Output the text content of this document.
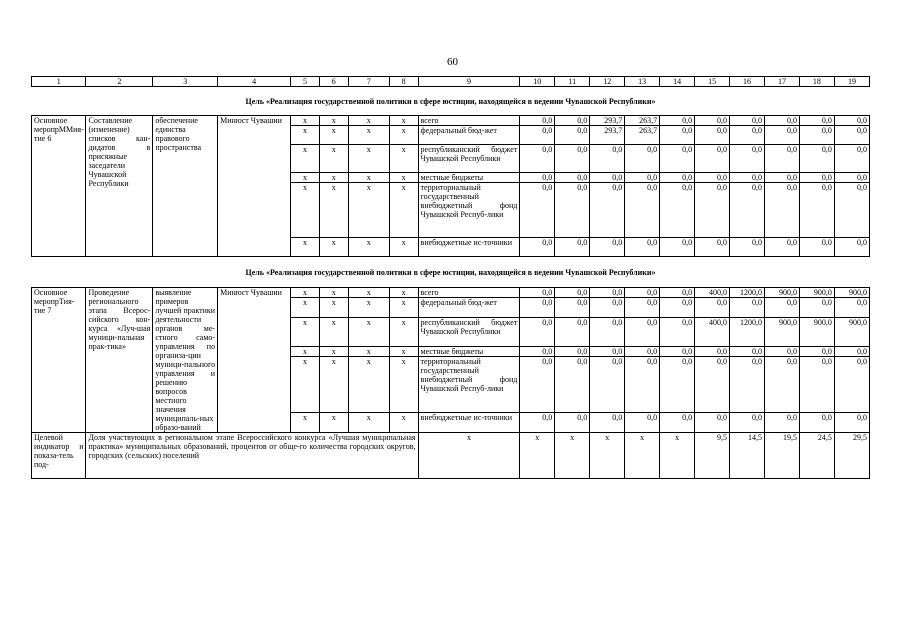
60
1	2	3	4	5	6	7	8	9	10	11	12	13	14	15	16	17	18	19
Цель «Реализация государственной политики в сфере юстиции, находящейся в ведении Чувашской Республики»																		
Основное меропрMMия-тие 6	Составление (изменение) списков кан-дидатов в присяжные заседатели Чувашской Республики	обеспечение единства правового пространства	Минюст Чувашии	x	x	x	x	всего	0,0	0,0	293,7	263,7	0,0	0,0	0,0	0,0	0,0	0,0
				x	x	x	x	федеральный бюд-жет	0,0	0,0	293,7	263,7	0,0	0,0	0,0	0,0	0,0	0,0
				x	x	x	x	республиканский бюджет Чувашской Республики	0,0	0,0	0,0	0,0	0,0	0,0	0,0	0,0	0,0	0,0
				x	x	x	x	местные бюджеты	0,0	0,0	0,0	0,0	0,0	0,0	0,0	0,0	0,0	0,0
				x	x	x	x	территориальный государственный внебюджетный фонд Чувашской Респуб-лики	0,0	0,0	0,0	0,0	0,0	0,0	0,0	0,0	0,0	0,0
				x	x	x	x	внебюджетные ис-точники	0,0	0,0	0,0	0,0	0,0	0,0	0,0	0,0	0,0	0,0
Цель «Реализация государственной политики в сфере юстиции, находящейся в ведении Чувашской Республики»																		
Основное меропрTия-тие 7	Проведение регионального этапа Всерос-сийского кон-курса «Луч-шая муници-пальная прак-тика»	выявление примеров лучшей практики деятельности органов ме-стного само-управления по организа-ции муници-пального управления и решению вопросов местного значения муниципаль-ных образо-ваний	Минюст Чувашии	x	x	x	x	всего	0,0	0,0	0,0	0,0	0,0	400,0	1200,0	900,0	900,0	900,0
				x	x	x	x	федеральный бюд-жет	0,0	0,0	0,0	0,0	0,0	0,0	0,0	0,0	0,0	0,0
				x	x	x	x	республиканский бюджет Чувашской Республики	0,0	0,0	0,0	0,0	0,0	400,0	1200,0	900,0	900,0	900,0
				x	x	x	x	местные бюджеты	0,0	0,0	0,0	0,0	0,0	0,0	0,0	0,0	0,0	0,0
				x	x	x	x	территориальный государственный внебюджетный фонд Чувашской Респуб-лики	0,0	0,0	0,0	0,0	0,0	0,0	0,0	0,0	0,0	0,0
				x	x	x	x	внебюджетные ис-точники	0,0	0,0	0,0	0,0	0,0	0,0	0,0	0,0	0,0	0,0
Целевой индикатор и показа-тель под-	Доля участвующих в региональном этапе Всероссийского конкурса «Лучшая муниципальная практика» муниципальных образований, процентов от обще-го количества городских округов, городских (сельских) поселений							x	x	x	x	x	x	9,5	14,5	19,5	24,5	29,5
